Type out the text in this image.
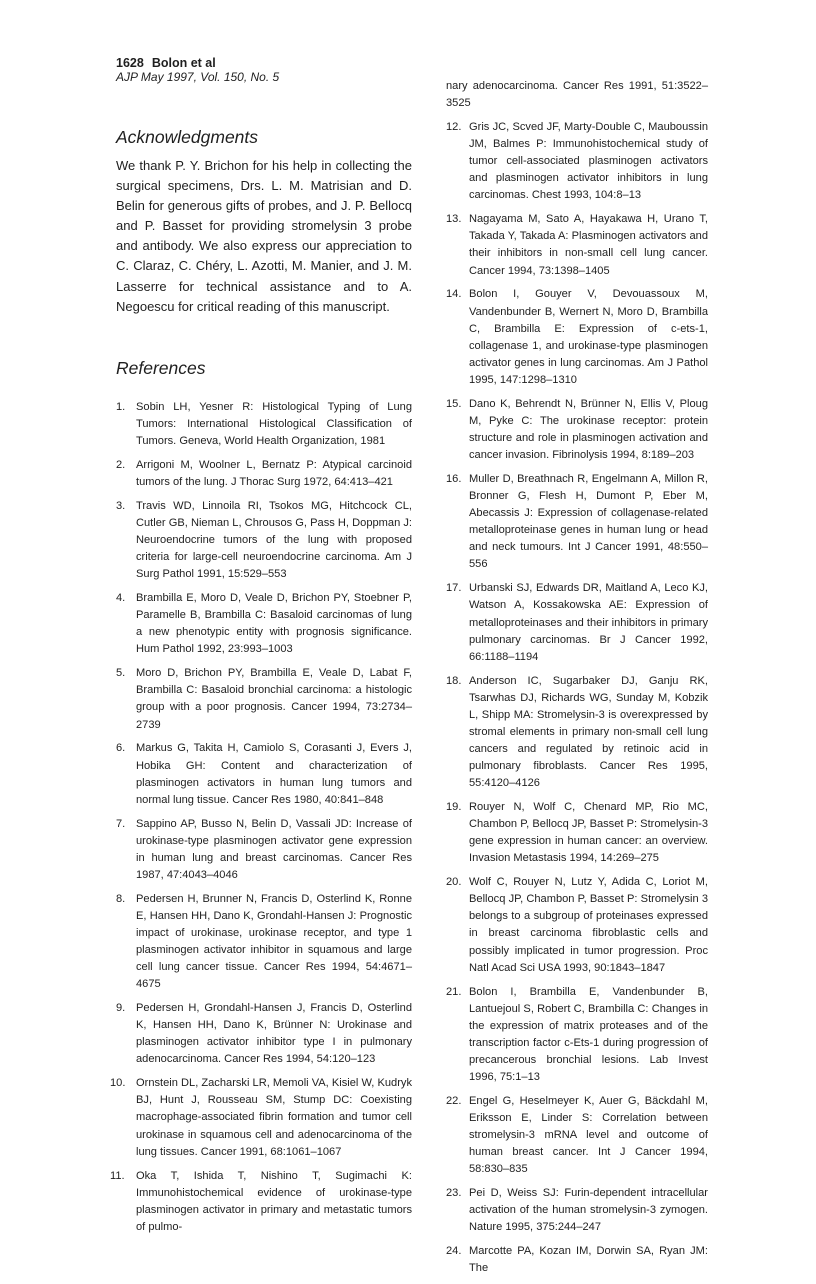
1628 Bolon et al
AJP May 1997, Vol. 150, No. 5
Acknowledgments

We thank P. Y. Brichon for his help in collecting the surgical specimens, Drs. L. M. Matrisian and D. Belin for generous gifts of probes, and J. P. Bellocq and P. Basset for providing stromelysin 3 probe and antibody. We also express our appreciation to C. Claraz, C. Chéry, L. Azotti, M. Manier, and J. M. Lasserre for technical assistance and to A. Negoescu for critical reading of this manuscript.

References
1. Sobin LH, Yesner R: Histological Typing of Lung Tumors: International Histological Classification of Tumors. Geneva, World Health Organization, 1981
2. Arrigoni M, Woolner L, Bernatz P: Atypical carcinoid tumors of the lung. J Thorac Surg 1972, 64:413–421
3. Travis WD, Linnoila RI, Tsokos MG, Hitchcock CL, Cutler GB, Nieman L, Chrousos G, Pass H, Doppman J: Neuroendocrine tumors of the lung with proposed criteria for large-cell neuroendocrine carcinoma. Am J Surg Pathol 1991, 15:529–553
4. Brambilla E, Moro D, Veale D, Brichon PY, Stoebner P, Paramelle B, Brambilla C: Basaloid carcinomas of lung a new phenotypic entity with prognosis significance. Hum Pathol 1992, 23:993–1003
5. Moro D, Brichon PY, Brambilla E, Veale D, Labat F, Brambilla C: Basaloid bronchial carcinoma: a histologic group with a poor prognosis. Cancer 1994, 73:2734–2739
6. Markus G, Takita H, Camiolo S, Corasanti J, Evers J, Hobika GH: Content and characterization of plasminogen activators in human lung tumors and normal lung tissue. Cancer Res 1980, 40:841–848
7. Sappino AP, Busso N, Belin D, Vassali JD: Increase of urokinase-type plasminogen activator gene expression in human lung and breast carcinomas. Cancer Res 1987, 47:4043–4046
8. Pedersen H, Brunner N, Francis D, Osterlind K, Ronne E, Hansen HH, Dano K, Grondahl-Hansen J: Prognostic impact of urokinase, urokinase receptor, and type 1 plasminogen activator inhibitor in squamous and large cell lung cancer tissue. Cancer Res 1994, 54:4671–4675
9. Pedersen H, Grondahl-Hansen J, Francis D, Osterlind K, Hansen HH, Dano K, Brünner N: Urokinase and plasminogen activator inhibitor type I in pulmonary adenocarcinoma. Cancer Res 1994, 54:120–123
10. Ornstein DL, Zacharski LR, Memoli VA, Kisiel W, Kudryk BJ, Hunt J, Rousseau SM, Stump DC: Coexisting macrophage-associated fibrin formation and tumor cell urokinase in squamous cell and adenocarcinoma of the lung tissues. Cancer 1991, 68:1061–1067
11. Oka T, Ishida T, Nishino T, Sugimachi K: Immunohistochemical evidence of urokinase-type plasminogen activator in primary and metastatic tumors of pulmo-
nary adenocarcinoma. Cancer Res 1991, 51:3522–3525
12. Gris JC, Scved JF, Marty-Double C, Mauboussin JM, Balmes P: Immunohistochemical study of tumor cell-associated plasminogen activators and plasminogen activator inhibitors in lung carcinomas. Chest 1993, 104:8–13
13. Nagayama M, Sato A, Hayakawa H, Urano T, Takada Y, Takada A: Plasminogen activators and their inhibitors in non-small cell lung cancer. Cancer 1994, 73:1398–1405
14. Bolon I, Gouyer V, Devouassoux M, Vandenbunder B, Wernert N, Moro D, Brambilla C, Brambilla E: Expression of c-ets-1, collagenase 1, and urokinase-type plasminogen activator genes in lung carcinomas. Am J Pathol 1995, 147:1298–1310
15. Dano K, Behrendt N, Brünner N, Ellis V, Ploug M, Pyke C: The urokinase receptor: protein structure and role in plasminogen activation and cancer invasion. Fibrinolysis 1994, 8:189–203
16. Muller D, Breathnach R, Engelmann A, Millon R, Bronner G, Flesh H, Dumont P, Eber M, Abecassis J: Expression of collagenase-related metalloproteinase genes in human lung or head and neck tumours. Int J Cancer 1991, 48:550–556
17. Urbanski SJ, Edwards DR, Maitland A, Leco KJ, Watson A, Kossakowska AE: Expression of metalloproteinases and their inhibitors in primary pulmonary carcinomas. Br J Cancer 1992, 66:1188–1194
18. Anderson IC, Sugarbaker DJ, Ganju RK, Tsarwhas DJ, Richards WG, Sunday M, Kobzik L, Shipp MA: Stromelysin-3 is overexpressed by stromal elements in primary non-small cell lung cancers and regulated by retinoic acid in pulmonary fibroblasts. Cancer Res 1995, 55:4120–4126
19. Rouyer N, Wolf C, Chenard MP, Rio MC, Chambon P, Bellocq JP, Basset P: Stromelysin-3 gene expression in human cancer: an overview. Invasion Metastasis 1994, 14:269–275
20. Wolf C, Rouyer N, Lutz Y, Adida C, Loriot M, Bellocq JP, Chambon P, Basset P: Stromelysin 3 belongs to a subgroup of proteinases expressed in breast carcinoma fibroblastic cells and possibly implicated in tumor progression. Proc Natl Acad Sci USA 1993, 90:1843–1847
21. Bolon I, Brambilla E, Vandenbunder B, Lantuejoul S, Robert C, Brambilla C: Changes in the expression of matrix proteases and of the transcription factor c-Ets-1 during progression of precancerous bronchial lesions. Lab Invest 1996, 75:1–13
22. Engel G, Heselmeyer K, Auer G, Bäckdahl M, Eriksson E, Linder S: Correlation between stromelysin-3 mRNA level and outcome of human breast cancer. Int J Cancer 1994, 58:830–835
23. Pei D, Weiss SJ: Furin-dependent intracellular activation of the human stromelysin-3 zymogen. Nature 1995, 375:244–247
24. Marcotte PA, Kozan IM, Dorwin SA, Ryan JM: The
